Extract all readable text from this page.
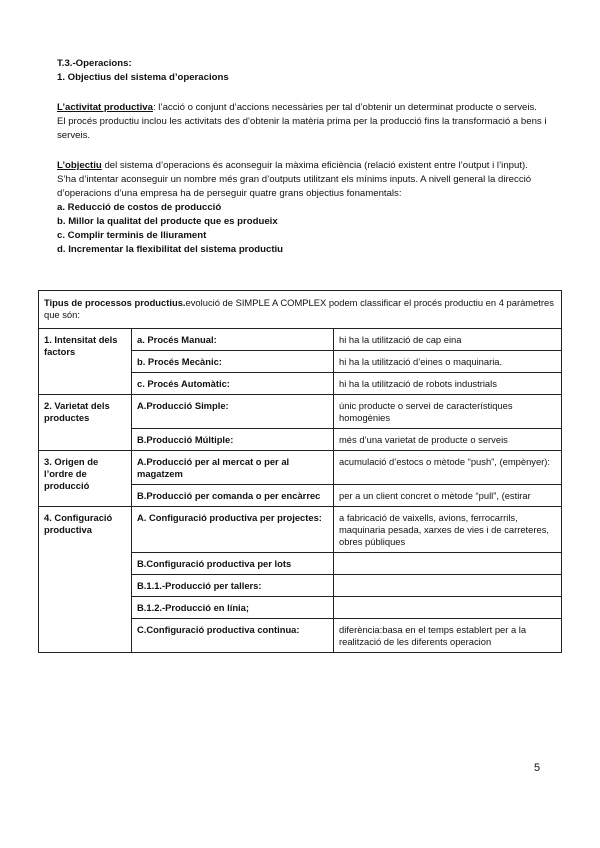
T.3.-Operacions:

1. Objectius del sistema d’operacions

L’activitat productiva: l’acció o conjunt d’accions necessàries per tal d’obtenir un determinat producte o serveis. El procés productiu inclou les activitats des d’obtenir la matèria prima per la producció fins la transformació a bens i serveis.

L’objectiu del sistema d’operacions és aconseguir la màxima eficiència (relació existent entre l’output i l’input). S’ha d’intentar aconseguir un nombre més gran d’outputs utilitzant els mínims inputs. A nivell general la direcció d’operacions d’una empresa ha de perseguir quatre grans objectius fonamentals:

a. Reducció de costos de producció

b. Millor la qualitat del producte que es produeix

c. Complir terminis de lliurament

d. Incrementar la flexibilitat del sistema productiu

Tipus de processos productius.evolució de SIMPLE A COMPLEX podem classificar el procés productiu en 4 paràmetres que són:		
1. Intensitat dels factors	a. Procés Manual:	hi ha la utilització de cap eina
	b. Procés Mecànic:	hi ha la utilització d’eines o maquinaria.
	c. Procés Automàtic:	hi ha la utilització de robots industrials
2. Varietat dels productes	A.Producció Simple:	únic producte o servei de característiques homogènies
	B.Producció Múltiple:	més d’una varietat de producte o serveis
3. Origen de l’ordre de producció	A.Producció per al mercat o per al magatzem	acumulació d’estocs o mètode “push”, (empènyer):
	B.Producció per comanda o per encàrrec	per a un client concret o mètode “pull”, (estirar
4. Configuració productiva	A. Configuració productiva per projectes:	a fabricació de vaixells, avions, ferrocarrils, maquinaria pesada, xarxes de vies i de carreteres, obres públiques
	B.Configuració productiva per lots	
	B.1.1.-Producció per tallers:	
	B.1.2.-Producció en línia;	
	C.Configuració productiva continua:	diferència:basa en el temps establert per a la realització de les diferents operacion
5
